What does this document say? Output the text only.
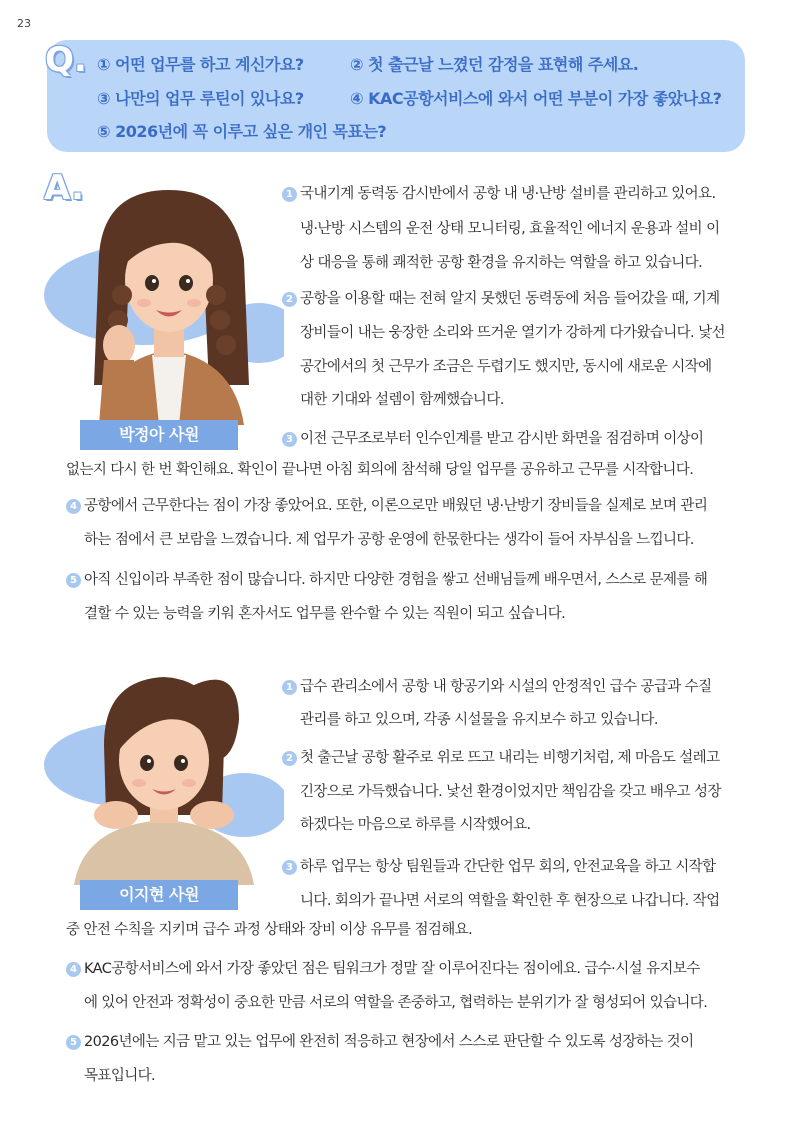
23
Q. ① 어떤 업무를 하고 계신가요?	② 첫 출근날 느꼈던 감정을 표현해 주세요.
③ 나만의 업무 루틴이 있나요?	④ KAC공항서비스에 와서 어떤 부분이 가장 좋았나요?
⑤ 2026년에 꼭 이루고 싶은 개인 목표는?
A.
박정아 사원
1 국내기계 동력동 감시반에서 공항 내 냉·난방 설비를 관리하고 있어요.
냉·난방 시스템의 운전 상태 모니터링, 효율적인 에너지 운용과 설비 이
상 대응을 통해 쾌적한 공항 환경을 유지하는 역할을 하고 있습니다.
2 공항을 이용할 때는 전혀 알지 못했던 동력동에 처음 들어갔을 때, 기계
장비들이 내는 웅장한 소리와 뜨거운 열기가 강하게 다가왔습니다. 낯선
공간에서의 첫 근무가 조금은 두렵기도 했지만, 동시에 새로운 시작에
대한 기대와 설렘이 함께했습니다.
3 이전 근무조로부터 인수인계를 받고 감시반 화면을 점검하며 이상이
없는지 다시 한 번 확인해요. 확인이 끝나면 아침 회의에 참석해 당일 업무를 공유하고 근무를 시작합니다.
4 공항에서 근무한다는 점이 가장 좋았어요. 또한, 이론으로만 배웠던 냉·난방기 장비들을 실제로 보며 관리
하는 점에서 큰 보람을 느꼈습니다. 제 업무가 공항 운영에 한몫한다는 생각이 들어 자부심을 느낍니다.
5 아직 신입이라 부족한 점이 많습니다. 하지만 다양한 경험을 쌓고 선배님들께 배우면서, 스스로 문제를 해
결할 수 있는 능력을 키워 혼자서도 업무를 완수할 수 있는 직원이 되고 싶습니다.
이지현 사원
1 급수 관리소에서 공항 내 항공기와 시설의 안정적인 급수 공급과 수질
관리를 하고 있으며, 각종 시설물을 유지보수 하고 있습니다.
2 첫 출근날 공항 활주로 위로 뜨고 내리는 비행기처럼, 제 마음도 설레고
긴장으로 가득했습니다. 낯선 환경이었지만 책임감을 갖고 배우고 성장
하겠다는 마음으로 하루를 시작했어요.
3 하루 업무는 항상 팀원들과 간단한 업무 회의, 안전교육을 하고 시작합
니다. 회의가 끝나면 서로의 역할을 확인한 후 현장으로 나갑니다. 작업
중 안전 수칙을 지키며 급수 과정 상태와 장비 이상 유무를 점검해요.
4 KAC공항서비스에 와서 가장 좋았던 점은 팀워크가 정말 잘 이루어진다는 점이에요. 급수·시설 유지보수
에 있어 안전과 정확성이 중요한 만큼 서로의 역할을 존중하고, 협력하는 분위기가 잘 형성되어 있습니다.
5 2026년에는 지금 맡고 있는 업무에 완전히 적응하고 현장에서 스스로 판단할 수 있도록 성장하는 것이
목표입니다.
